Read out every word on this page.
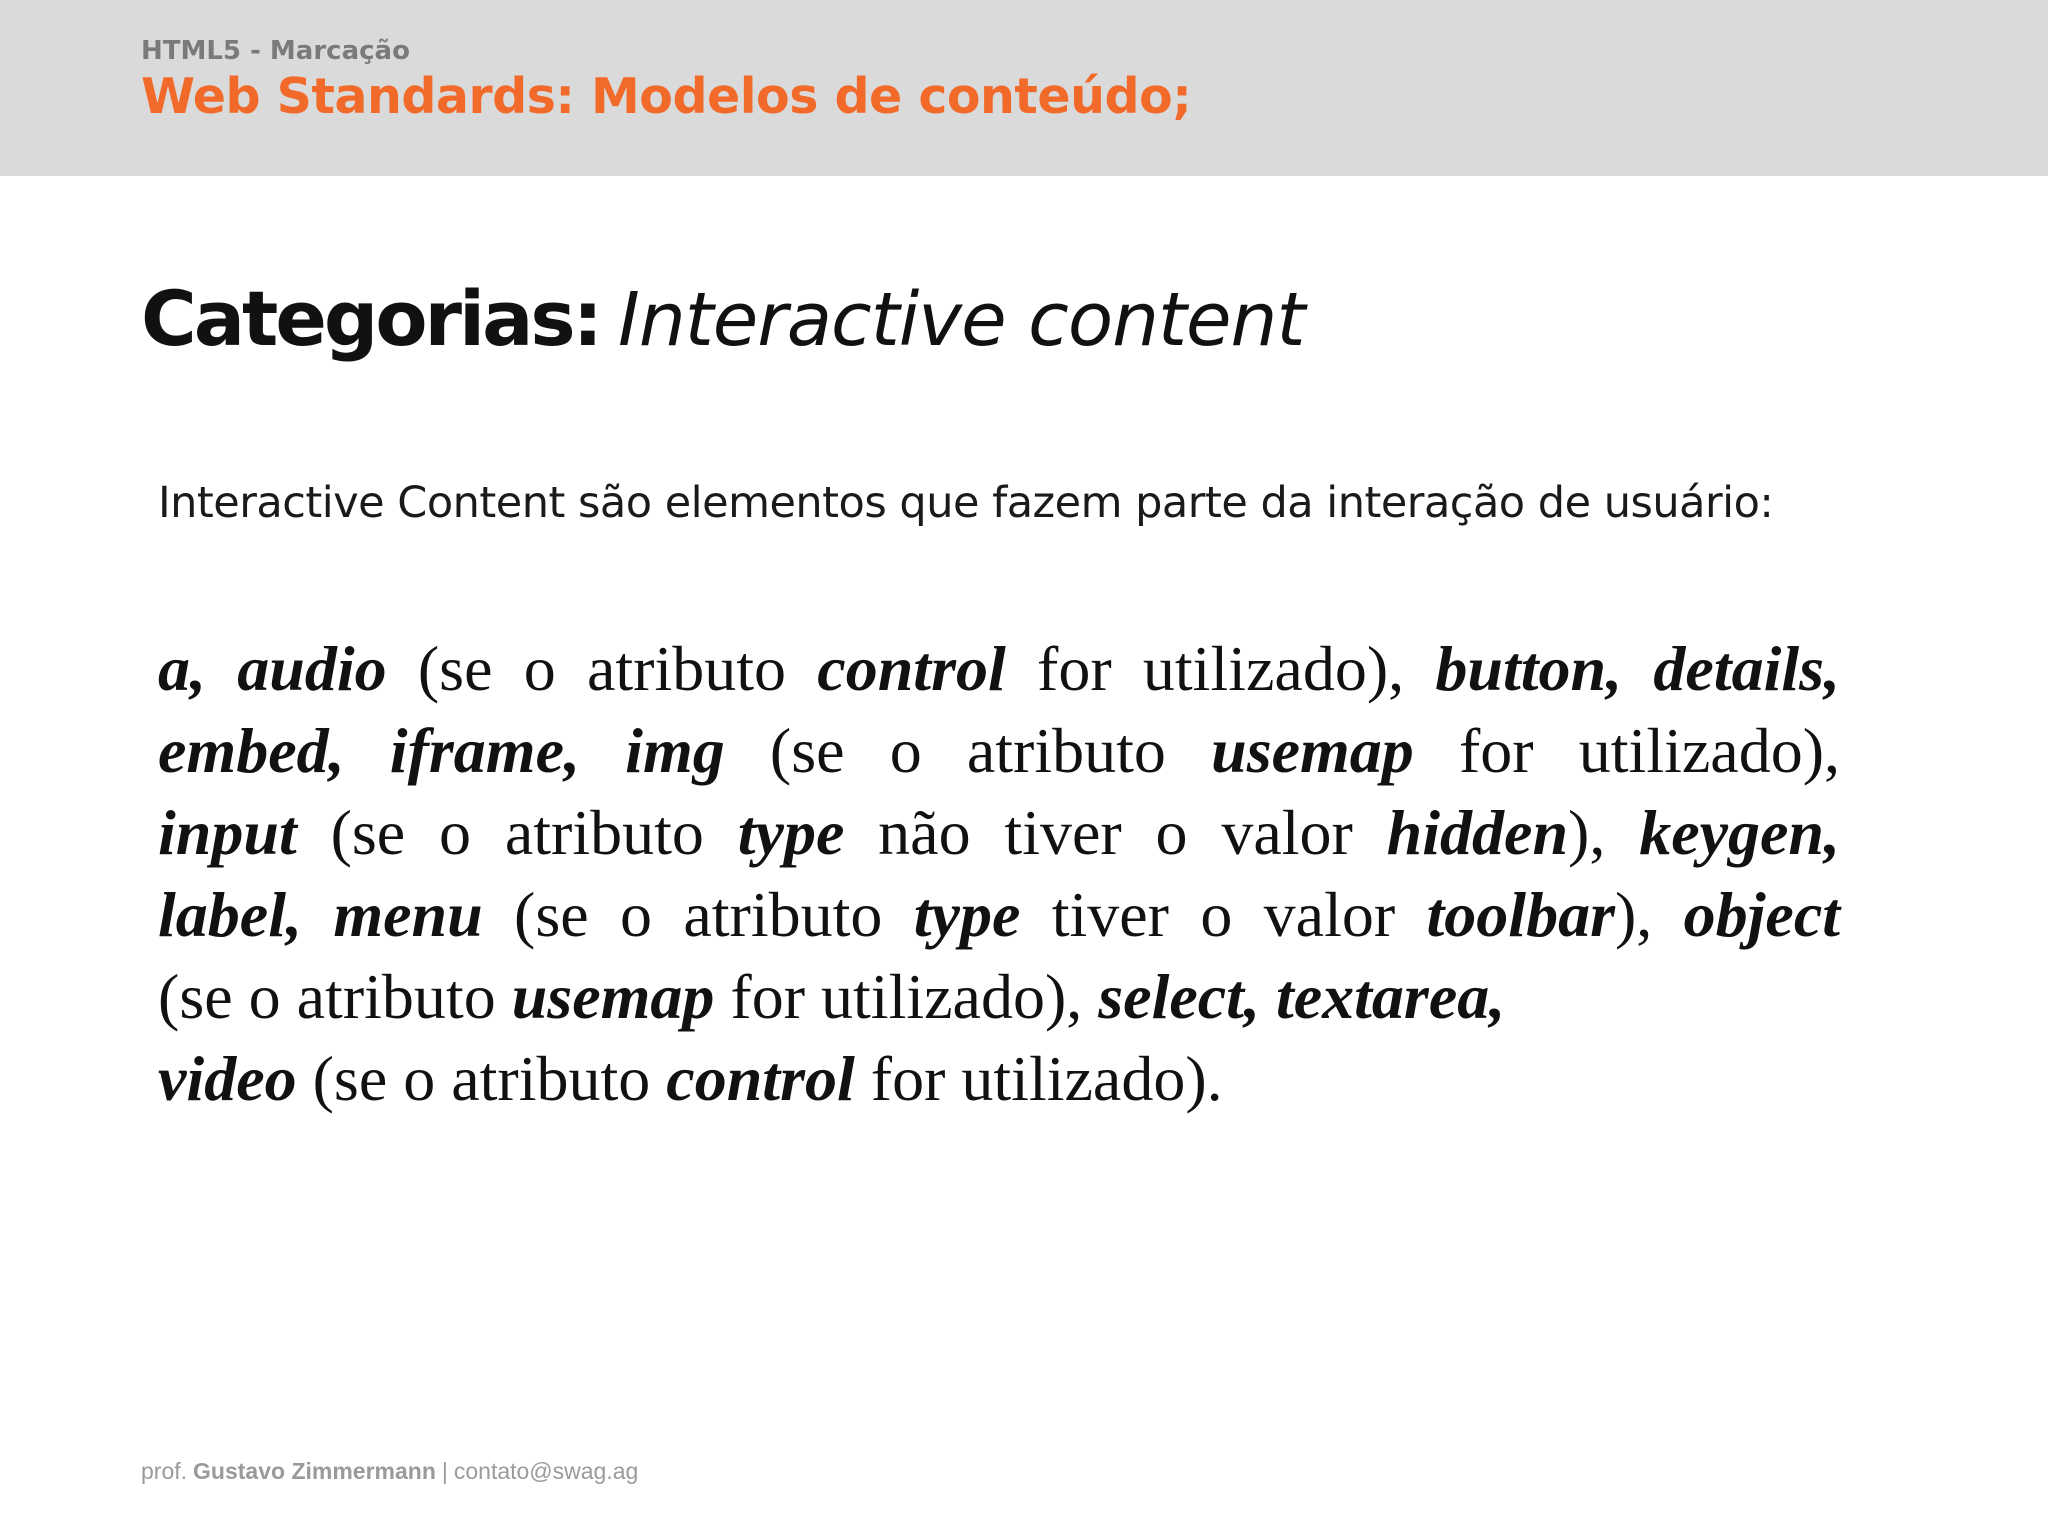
HTML5 - Marcação
Web Standards: Modelos de conteúdo;
Categorias: Interactive content
Interactive Content são elementos que fazem parte da interação de usuário:
a, audio (se o atributo control for utilizado), button, details,
embed, iframe, img (se o atributo usemap for utilizado),
input (se o atributo type não tiver o valor hidden), keygen,
label, menu (se o atributo type tiver o valor toolbar), object
(se o atributo usemap for utilizado), select, textarea,
video (se o atributo control for utilizado).
prof. Gustavo Zimmermann | contato@swag.ag
